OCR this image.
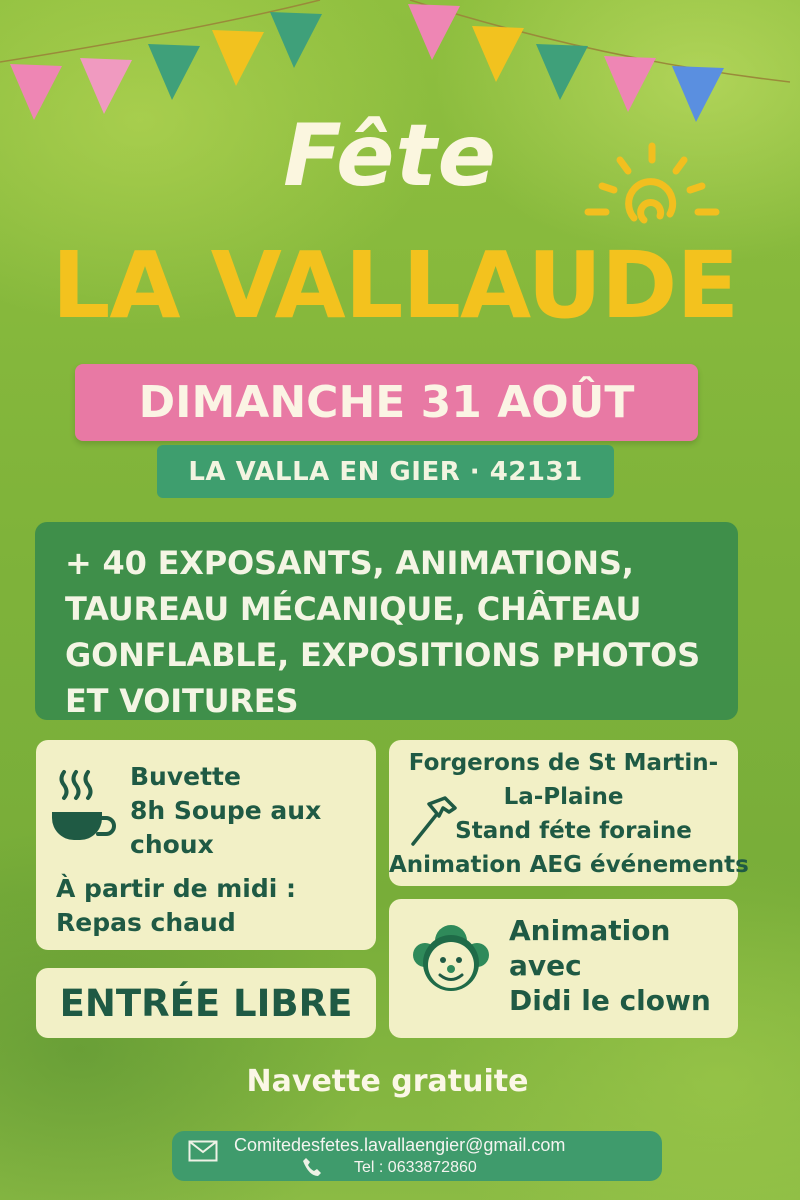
Fête
LA VALLAUDE
DIMANCHE 31 AOÛT
LA VALLA EN GIER · 42131
+ 40 EXPOSANTS, ANIMATIONS,
TAUREAU MÉCANIQUE, CHÂTEAU
GONFLABLE, EXPOSITIONS PHOTOS
ET VOITURES
Buvette
8h Soupe aux
choux
À partir de midi :
Repas chaud
Forgerons de St Martin-
La-Plaine
Stand féte foraine
Animation AEG événements
Animation
avec
Didi le clown
ENTRÉE LIBRE
Navette gratuite
Comitedesfetes.lavallaengier@gmail.com
Tel : 0633872860
